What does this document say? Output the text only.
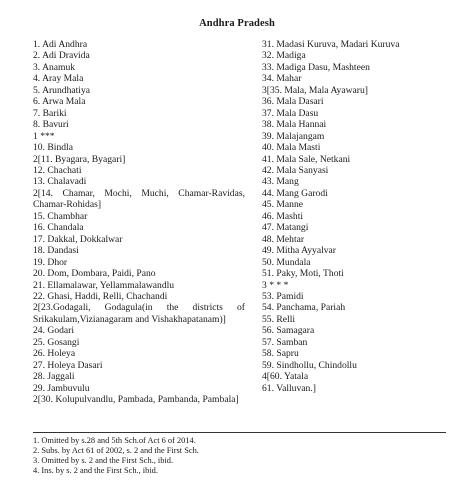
Andhra Pradesh
1. Adi Andhra
2. Adi Dravida
3. Anamuk
4. Aray Mala
5. Arundhatiya
6. Arwa Mala
7. Bariki
8. Bavuri
1 ***
10. Bindla
2[11. Byagara, Byagari]
12. Chachati
13. Chalavadi
2[14. Chamar, Mochi, Muchi, Chamar-Ravidas, Chamar-Rohidas]
15. Chambhar
16. Chandala
17. Dakkal, Dokkalwar
18. Dandasi
19. Dhor
20. Dom, Dombara, Paidi, Pano
21. Ellamalawar, Yellammalawandlu
22. Ghasi, Haddi, Relli, Chachandi
2[23.Godagali, Godagula(in the districts of Srikakulam,Vizianagaram and Vishakhapatanam)]
24. Godari
25. Gosangi
26. Holeya
27. Holeya Dasari
28. Jaggali
29. Jambuvulu
2[30. Kolupulvandlu, Pambada, Pambanda, Pambala]
31. Madasi Kuruva, Madari Kuruva
32. Madiga
33. Madiga Dasu, Mashteen
34. Mahar
3[35. Mala, Mala Ayawaru]
36. Mala Dasari
37. Mala Dasu
38. Mala Hannai
39. Malajangam
40. Mala Masti
41. Mala Sale, Netkani
42. Mala Sanyasi
43. Mang
44. Mang Garodi
45. Manne
46. Mashti
47. Matangi
48. Mehtar
49. Mitha Ayyalvar
50. Mundala
51. Paky, Moti, Thoti
3 * * *
53. Pamidi
54. Panchama, Pariah
55. Relli
56. Samagara
57. Samban
58. Sapru
59. Sindhollu, Chindollu
4[60. Yatala
61. Valluvan.]
1. Omitted by s.28 and 5th Sch.of Act 6 of 2014.
2. Subs. by Act 61 of 2002, s. 2 and the First Sch.
3. Omitted by s. 2 and the First Sch., ibid.
4. Ins. by s. 2 and the First Sch., ibid.
